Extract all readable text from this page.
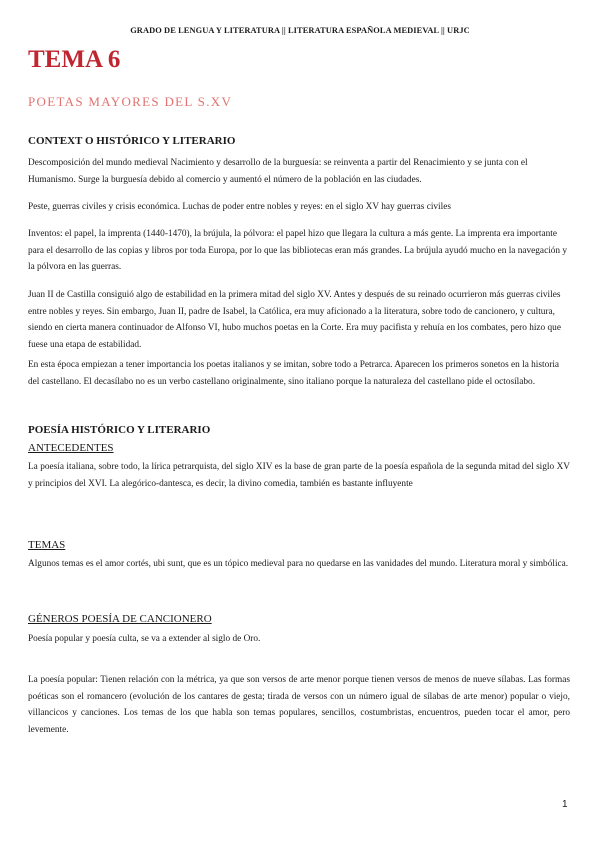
GRADO DE LENGUA Y LITERATURA || LITERATURA ESPAÑOLA MEDIEVAL || URJC
TEMA 6
POETAS MAYORES DEL S.XV
CONTEXT O HISTÓRICO Y LITERARIO

Descomposición del mundo medieval Nacimiento y desarrollo de la burguesía: se reinventa a partir del Renacimiento y se junta con el Humanismo. Surge la burguesía debido al comercio y aumentó el número de la población en las ciudades.

Peste, guerras civiles y crisis económica. Luchas de poder entre nobles y reyes: en el siglo XV hay guerras civiles

Inventos: el papel, la imprenta (1440-1470), la brújula, la pólvora: el papel hizo que llegara la cultura a más gente. La imprenta era importante para el desarrollo de las copias y libros por toda Europa, por lo que las bibliotecas eran más grandes. La brújula ayudó mucho en la navegación y la pólvora en las guerras.

Juan II de Castilla consiguió algo de estabilidad en la primera mitad del siglo XV. Antes y después de su reinado ocurrieron más guerras civiles entre nobles y reyes. Sin embargo, Juan II, padre de Isabel, la Católica, era muy aficionado a la literatura, sobre todo de cancionero, y cultura, siendo en cierta manera continuador de Alfonso VI, hubo muchos poetas en la Corte. Era muy pacifista y rehuía en los combates, pero hizo que fuese una etapa de estabilidad.

En esta época empiezan a tener importancia los poetas italianos y se imitan, sobre todo a Petrarca. Aparecen los primeros sonetos en la historia del castellano. El decasílabo no es un verbo castellano originalmente, sino italiano porque la naturaleza del castellano pide el octosílabo.

POESÍA HISTÓRICO Y LITERARIO
ANTECEDENTES

La poesía italiana, sobre todo, la lírica petrarquista, del siglo XIV es la base de gran parte de la poesía española de la segunda mitad del siglo XV y principios del XVI. La alegórico-dantesca, es decir, la divino comedia, también es bastante influyente

TEMAS

Algunos temas es el amor cortés, ubi sunt, que es un tópico medieval para no quedarse en las vanidades del mundo. Literatura moral y simbólica.

GÉNEROS POESÍA DE CANCIONERO

Poesía popular y poesía culta, se va a extender al siglo de Oro.

La poesía popular: Tienen relación con la métrica, ya que son versos de arte menor porque tienen versos de menos de nueve sílabas. Las formas poéticas son el romancero (evolución de los cantares de gesta; tirada de versos con un número igual de sílabas de arte menor) popular o viejo, villancicos y canciones. Los temas de los que habla son temas populares, sencillos, costumbristas, encuentros, pueden tocar el amor, pero levemente.

1
